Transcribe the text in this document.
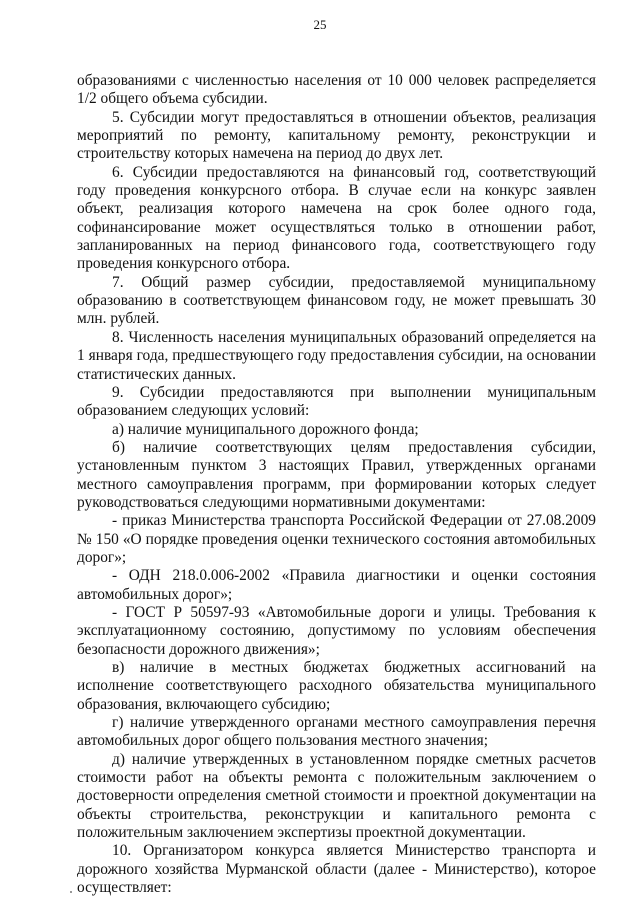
25

образованиями с численностью населения от 10 000 человек распределяется 1/2 общего объема субсидии.

5. Субсидии могут предоставляться в отношении объектов, реализация мероприятий по ремонту, капитальному ремонту, реконструкции и строительству которых намечена на период до двух лет.

6. Субсидии предоставляются на финансовый год, соответствующий году проведения конкурсного отбора. В случае если на конкурс заявлен объект, реализация которого намечена на срок более одного года, софинансирование может осуществляться только в отношении работ, запланированных на период финансового года, соответствующего году проведения конкурсного отбора.

7. Общий размер субсидии, предоставляемой муниципальному образованию в соответствующем финансовом году, не может превышать 30 млн. рублей.

8. Численность населения муниципальных образований определяется на 1 января года, предшествующего году предоставления субсидии, на основании статистических данных.

9. Субсидии предоставляются при выполнении муниципальным образованием следующих условий:

а) наличие муниципального дорожного фонда;

б) наличие соответствующих целям предоставления субсидии, установленным пунктом 3 настоящих Правил, утвержденных органами местного самоуправления программ, при формировании которых следует руководствоваться следующими нормативными документами:

- приказ Министерства транспорта Российской Федерации от 27.08.2009 № 150 «О порядке проведения оценки технического состояния автомобильных дорог»;

- ОДН 218.0.006-2002 «Правила диагностики и оценки состояния автомобильных дорог»;

- ГОСТ Р 50597-93 «Автомобильные дороги и улицы. Требования к эксплуатационному состоянию, допустимому по условиям обеспечения безопасности дорожного движения»;

в) наличие в местных бюджетах бюджетных ассигнований на исполнение соответствующего расходного обязательства муниципального образования, включающего субсидию;

г) наличие утвержденного органами местного самоуправления перечня автомобильных дорог общего пользования местного значения;

д) наличие утвержденных в установленном порядке сметных расчетов стоимости работ на объекты ремонта с положительным заключением о достоверности определения сметной стоимости и проектной документации на объекты строительства, реконструкции и капитального ремонта с положительным заключением экспертизы проектной документации.

10. Организатором конкурса является Министерство транспорта и дорожного хозяйства Мурманской области (далее - Министерство), которое осуществляет:
